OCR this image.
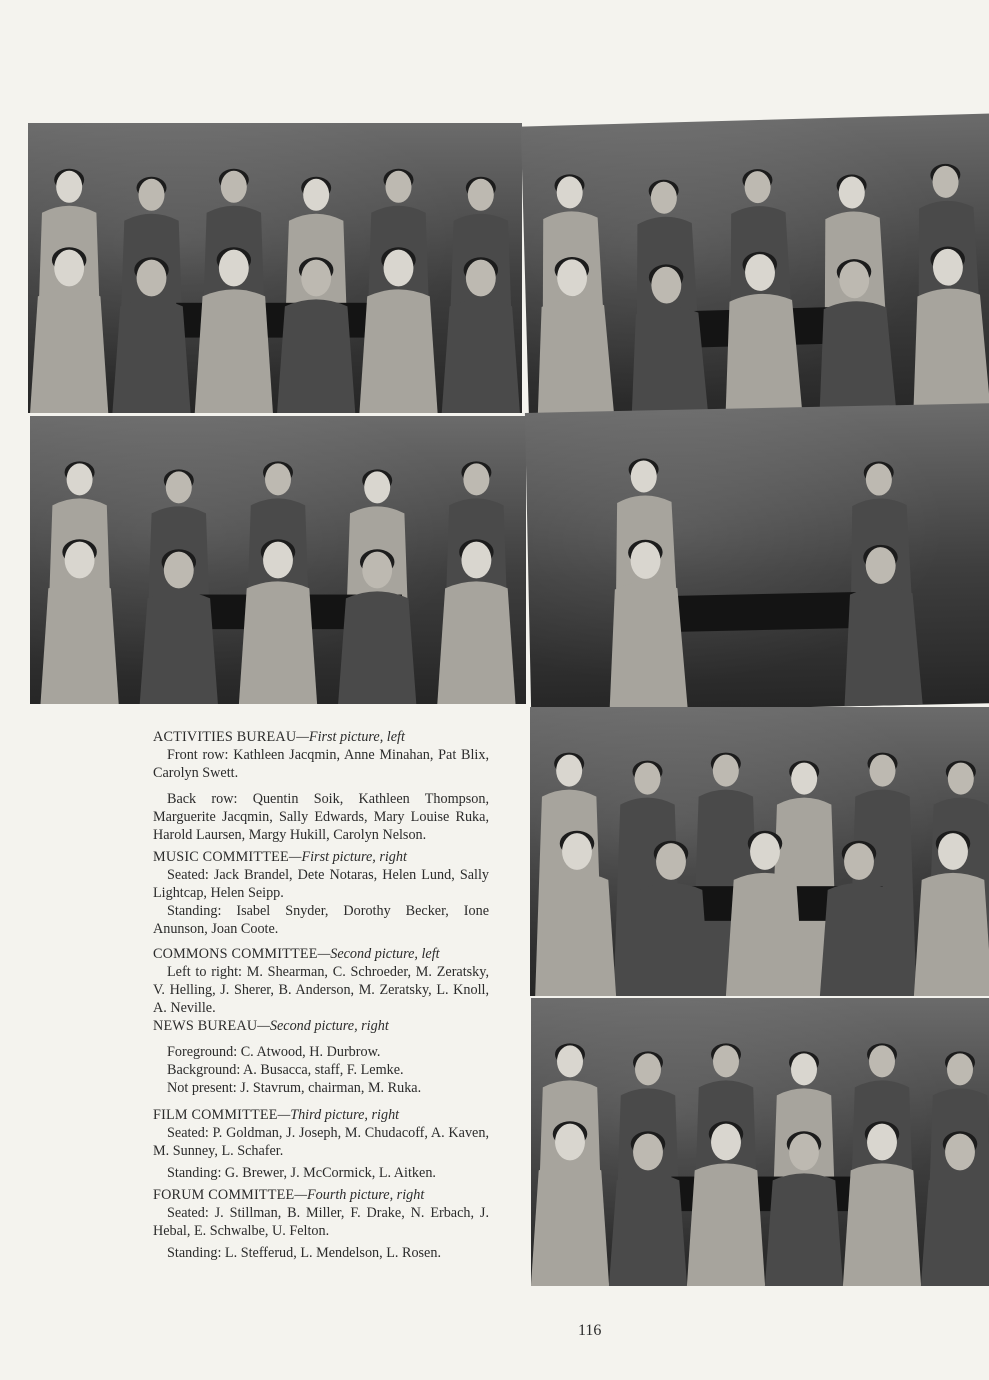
ACTIVITIES BUREAU—First picture, left
Front row: Kathleen Jacqmin, Anne Minahan, Pat Blix, Carolyn Swett.
Back row: Quentin Soik, Kathleen Thompson, Marguerite Jacqmin, Sally Edwards, Mary Louise Ruka, Harold Laursen, Margy Hukill, Carolyn Nelson.
MUSIC COMMITTEE—First picture, right
Seated: Jack Brandel, Dete Notaras, Helen Lund, Sally Lightcap, Helen Seipp.
Standing: Isabel Snyder, Dorothy Becker, Ione Anunson, Joan Coote.
COMMONS COMMITTEE—Second picture, left
Left to right: M. Shearman, C. Schroeder, M. Zeratsky, V. Helling, J. Sherer, B. Anderson, M. Zeratsky, L. Knoll, A. Neville.
NEWS BUREAU—Second picture, right
Foreground: C. Atwood, H. Durbrow.
Background: A. Busacca, staff, F. Lemke.
Not present: J. Stavrum, chairman, M. Ruka.
FILM COMMITTEE—Third picture, right
Seated: P. Goldman, J. Joseph, M. Chudacoff, A. Kaven, M. Sunney, L. Schafer.
Standing: G. Brewer, J. McCormick, L. Aitken.
FORUM COMMITTEE—Fourth picture, right
Seated: J. Stillman, B. Miller, F. Drake, N. Erbach, J. Hebal, E. Schwalbe, U. Felton.
Standing: L. Stefferud, L. Mendelson, L. Rosen.
116
